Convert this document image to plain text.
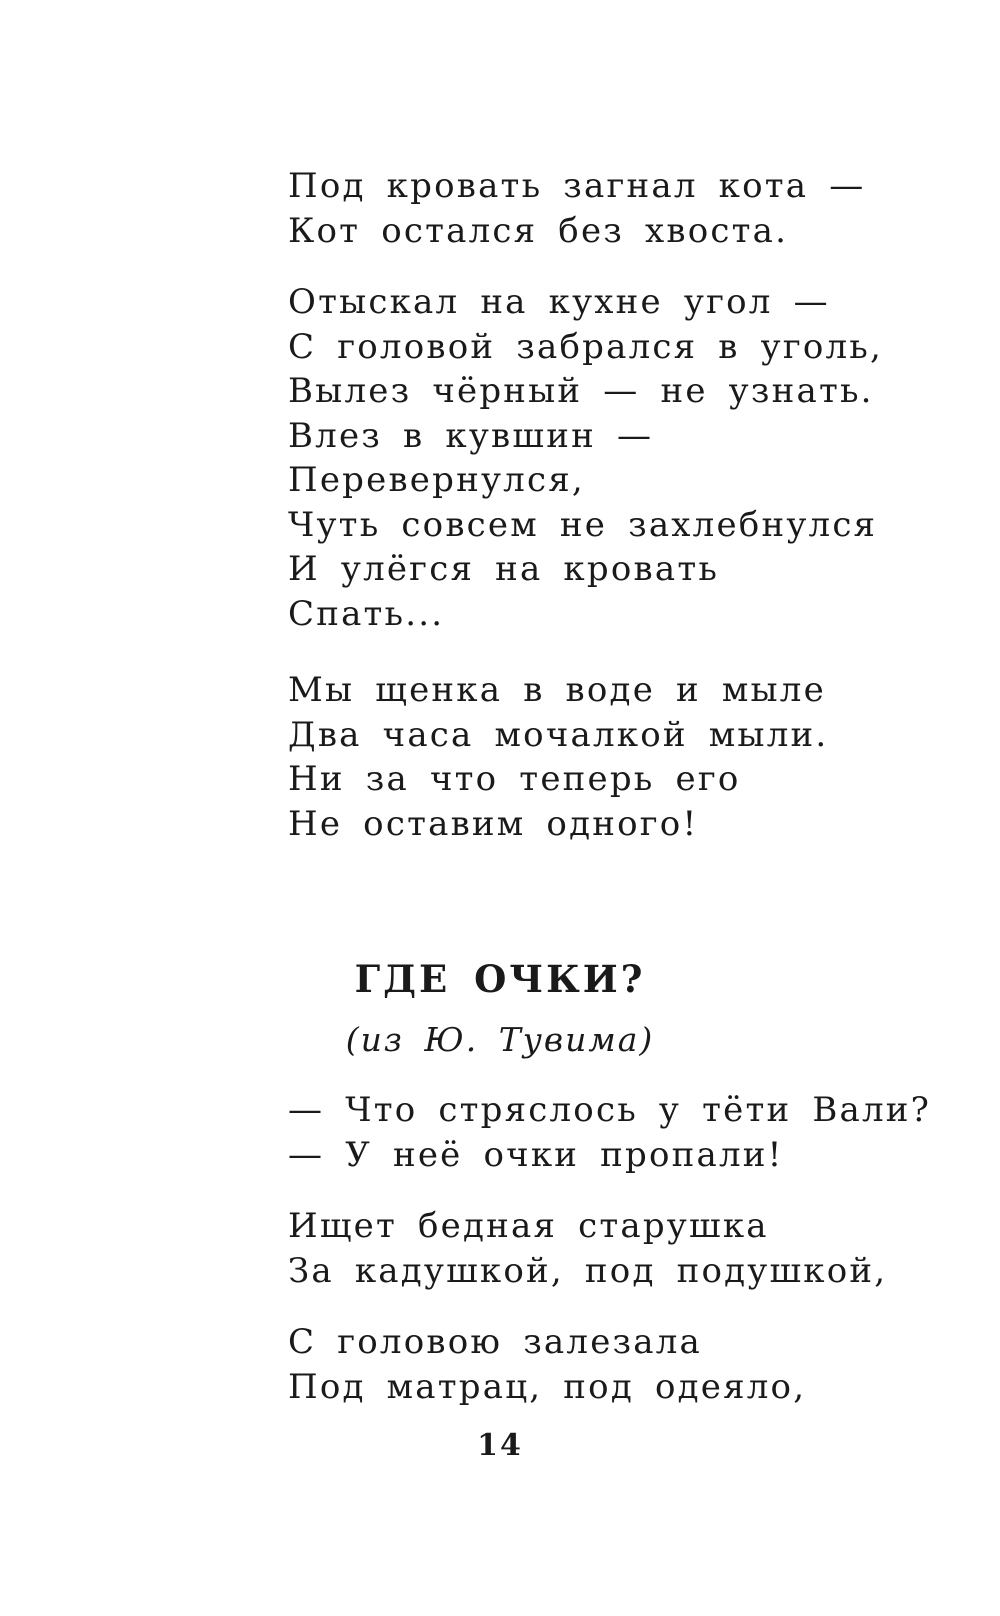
Под кровать загнал кота —
Кот остался без хвоста.
Отыскал на кухне угол —
С головой забрался в уголь,
Вылез чёрный — не узнать.
Влез в кувшин —
Перевернулся,
Чуть совсем не захлебнулся
И улёгся на кровать
Спать...
Мы щенка в воде и мыле
Два часа мочалкой мыли.
Ни за что теперь его
Не оставим одного!
ГДЕ ОЧКИ?
(из Ю. Тувима)
— Что стряслось у тёти Вали?
— У неё очки пропали!
Ищет бедная старушка
За кадушкой, под подушкой,
С головою залезала
Под матрац, под одеяло,
14
